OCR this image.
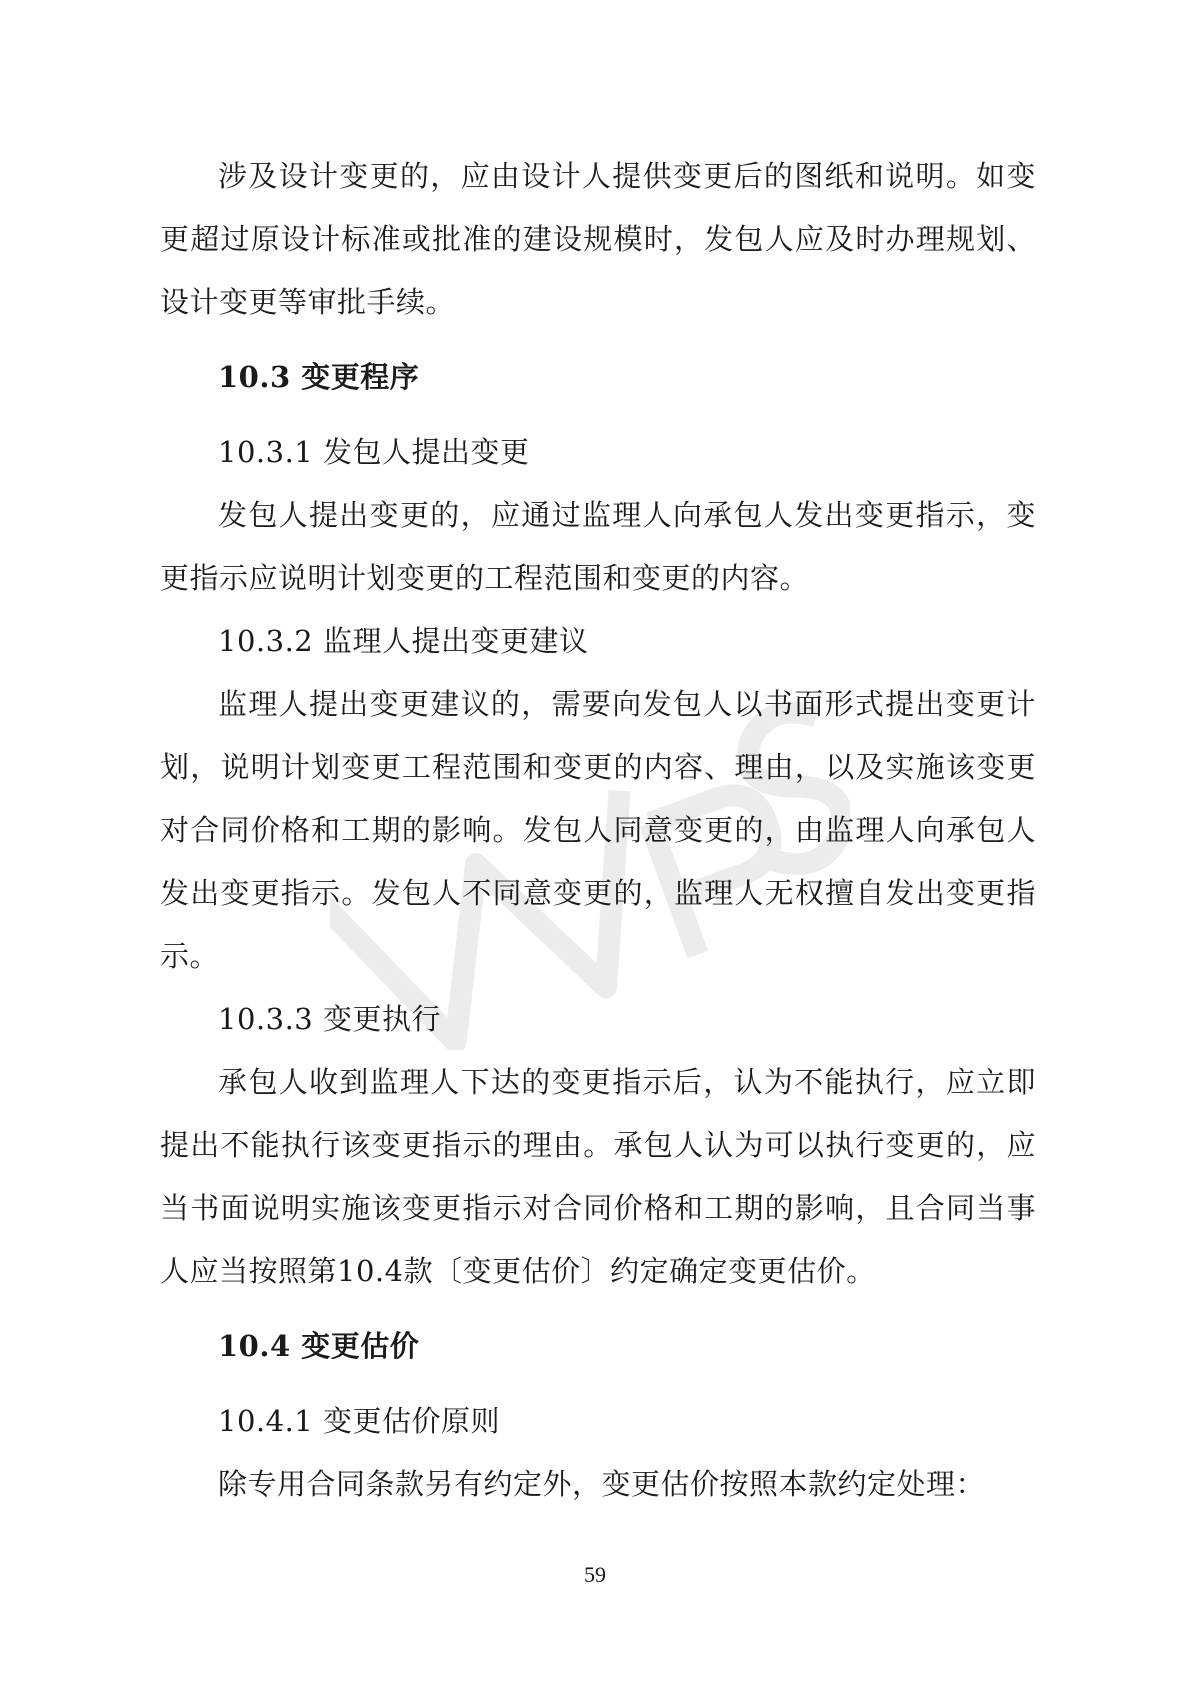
涉及设计变更的，应由设计人提供变更后的图纸和说明。如变更超过原设计标准或批准的建设规模时，发包人应及时办理规划、设计变更等审批手续。

10.3 变更程序

10.3.1 发包人提出变更

发包人提出变更的，应通过监理人向承包人发出变更指示，变更指示应说明计划变更的工程范围和变更的内容。

10.3.2 监理人提出变更建议

监理人提出变更建议的，需要向发包人以书面形式提出变更计划，说明计划变更工程范围和变更的内容、理由，以及实施该变更对合同价格和工期的影响。发包人同意变更的，由监理人向承包人发出变更指示。发包人不同意变更的，监理人无权擅自发出变更指示。

10.3.3 变更执行

承包人收到监理人下达的变更指示后，认为不能执行，应立即提出不能执行该变更指示的理由。承包人认为可以执行变更的，应当书面说明实施该变更指示对合同价格和工期的影响，且合同当事人应当按照第10.4款〔变更估价〕约定确定变更估价。

10.4 变更估价

10.4.1 变更估价原则

除专用合同条款另有约定外，变更估价按照本款约定处理：

59
